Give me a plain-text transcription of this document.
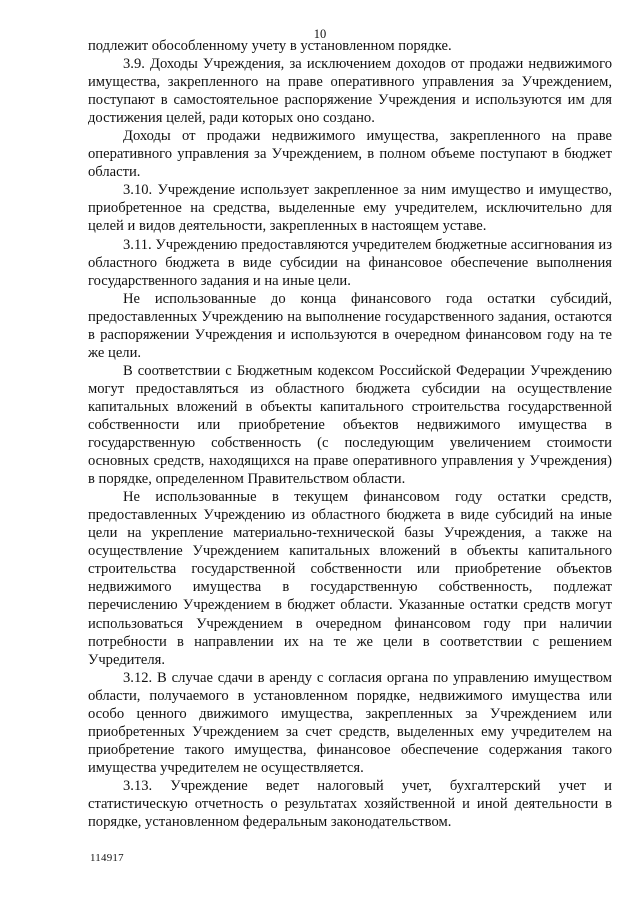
10

подлежит обособленному учету в установленном порядке.

3.9. Доходы Учреждения, за исключением доходов от продажи недвижимого имущества, закрепленного на праве оперативного управления за Учреждением, поступают в самостоятельное распоряжение Учреждения и используются им для достижения целей, ради которых оно создано.

Доходы от продажи недвижимого имущества, закрепленного на праве оперативного управления за Учреждением, в полном объеме поступают в бюджет области.

3.10. Учреждение использует закрепленное за ним имущество и имущество, приобретенное на средства, выделенные ему учредителем, исключительно для целей и видов деятельности, закрепленных в настоящем уставе.

3.11. Учреждению предоставляются учредителем бюджетные ассигнования из областного бюджета в виде субсидии на финансовое обеспечение выполнения государственного задания и на иные цели.

Не использованные до конца финансового года остатки субсидий, предоставленных Учреждению на выполнение государственного задания, остаются в распоряжении Учреждения и используются в очередном финансовом году на те же цели.

В соответствии с Бюджетным кодексом Российской Федерации Учреждению могут предоставляться из областного бюджета субсидии на осуществление капитальных вложений в объекты капитального строительства государственной собственности или приобретение объектов недвижимого имущества в государственную собственность (с последующим увеличением стоимости основных средств, находящихся на праве оперативного управления у Учреждения) в порядке, определенном Правительством области.

Не использованные в текущем финансовом году остатки средств, предоставленных Учреждению из областного бюджета в виде субсидий на иные цели на укрепление материально-технической базы Учреждения, а также на осуществление Учреждением капитальных вложений в объекты капитального строительства государственной собственности или приобретение объектов недвижимого имущества в государственную собственность, подлежат перечислению Учреждением в бюджет области. Указанные остатки средств могут использоваться Учреждением в очередном финансовом году при наличии потребности в направлении их на те же цели в соответствии с решением Учредителя.

3.12. В случае сдачи в аренду с согласия органа по управлению имуществом области, получаемого в установленном порядке, недвижимого имущества или особо ценного движимого имущества, закрепленных за Учреждением или приобретенных Учреждением за счет средств, выделенных ему учредителем на приобретение такого имущества, финансовое обеспечение содержания такого имущества учредителем не осуществляется.

3.13. Учреждение ведет налоговый учет, бухгалтерский учет и статистическую отчетность о результатах хозяйственной и иной деятельности в порядке, установленном федеральным законодательством.

114917
